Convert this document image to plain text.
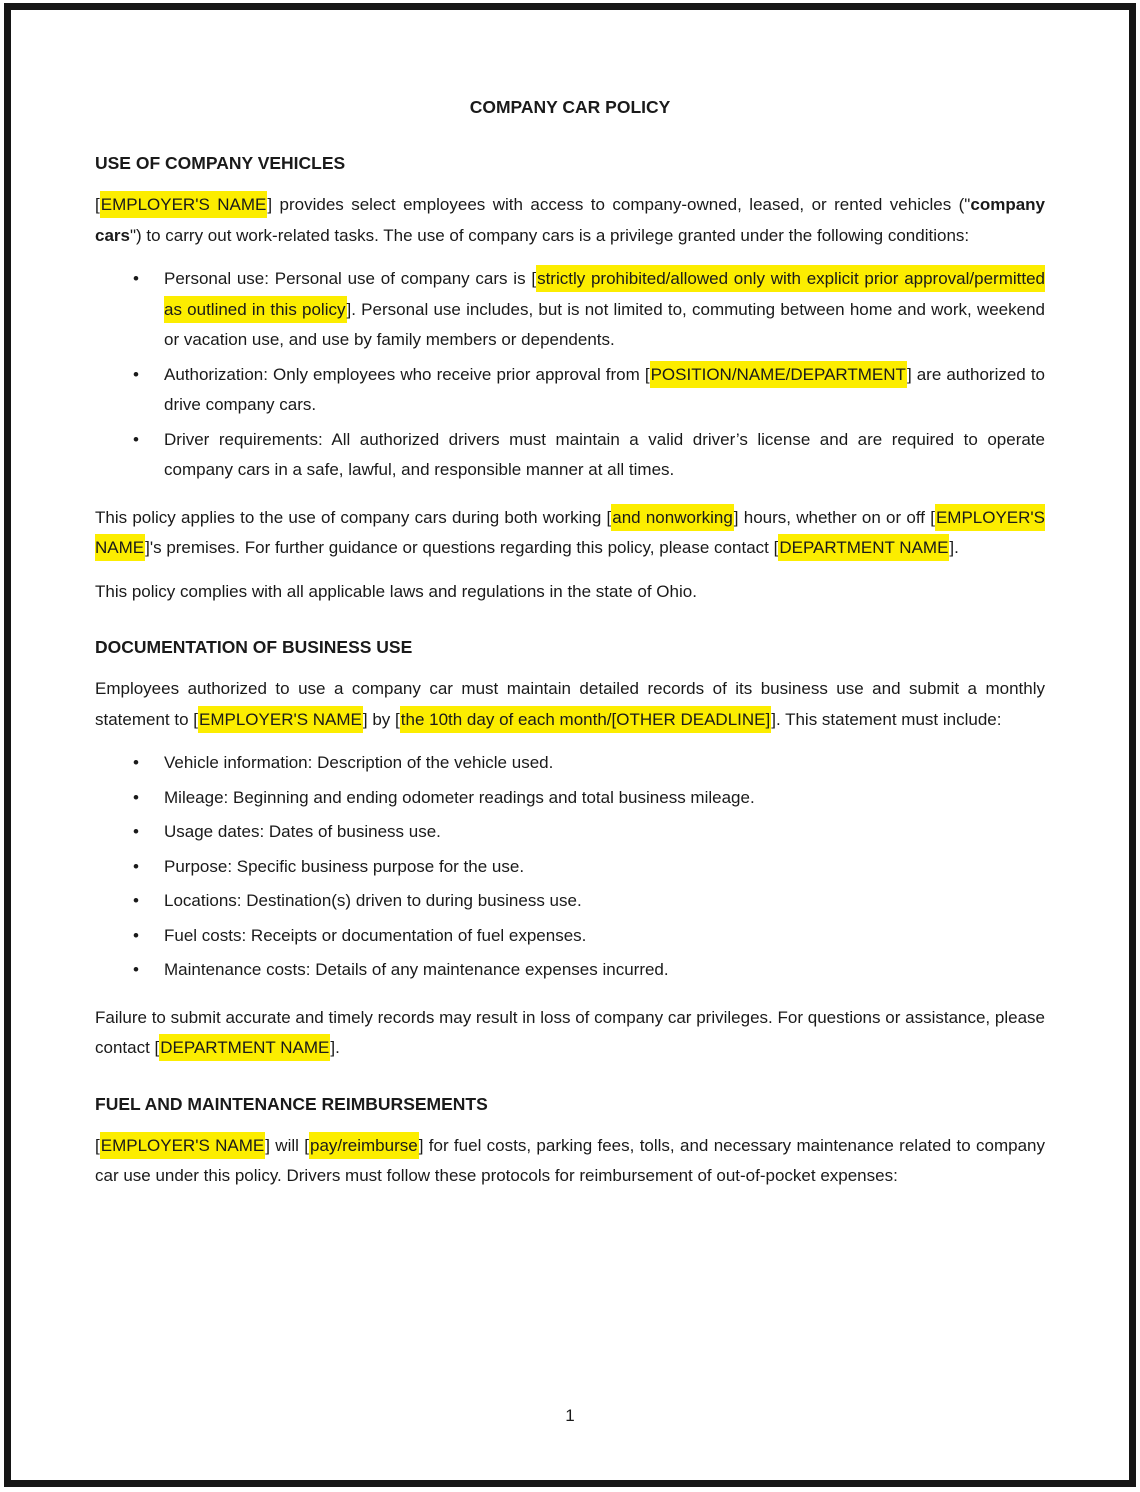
COMPANY CAR POLICY
USE OF COMPANY VEHICLES

[EMPLOYER'S NAME] provides select employees with access to company-owned, leased, or rented vehicles ("company cars") to carry out work-related tasks. The use of company cars is a privilege granted under the following conditions:

• Personal use: Personal use of company cars is [strictly prohibited/allowed only with explicit prior approval/permitted as outlined in this policy]. Personal use includes, but is not limited to, commuting between home and work, weekend or vacation use, and use by family members or dependents.
• Authorization: Only employees who receive prior approval from [POSITION/NAME/DEPARTMENT] are authorized to drive company cars.
• Driver requirements: All authorized drivers must maintain a valid driver’s license and are required to operate company cars in a safe, lawful, and responsible manner at all times.

This policy applies to the use of company cars during both working [and nonworking] hours, whether on or off [EMPLOYER'S NAME]'s premises. For further guidance or questions regarding this policy, please contact [DEPARTMENT NAME].

This policy complies with all applicable laws and regulations in the state of Ohio.

DOCUMENTATION OF BUSINESS USE

Employees authorized to use a company car must maintain detailed records of its business use and submit a monthly statement to [EMPLOYER'S NAME] by [the 10th day of each month/[OTHER DEADLINE]]. This statement must include:

• Vehicle information: Description of the vehicle used.
• Mileage: Beginning and ending odometer readings and total business mileage.
• Usage dates: Dates of business use.
• Purpose: Specific business purpose for the use.
• Locations: Destination(s) driven to during business use.
• Fuel costs: Receipts or documentation of fuel expenses.
• Maintenance costs: Details of any maintenance expenses incurred.

Failure to submit accurate and timely records may result in loss of company car privileges. For questions or assistance, please contact [DEPARTMENT NAME].

FUEL AND MAINTENANCE REIMBURSEMENTS

[EMPLOYER'S NAME] will [pay/reimburse] for fuel costs, parking fees, tolls, and necessary maintenance related to company car use under this policy. Drivers must follow these protocols for reimbursement of out-of-pocket expenses:

1
